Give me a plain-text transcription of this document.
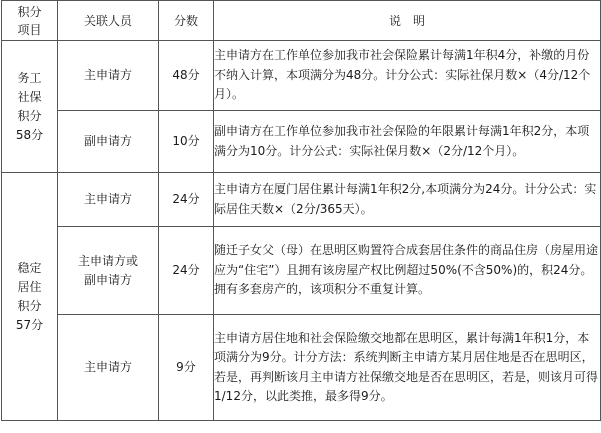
积分
项目	关联人员	分数	说明

务工
社保
积分
58分	主申请方	48分	主申请方在工作单位参加我市社会保险累计每满1年积4分，补缴的月份不纳入计算，本项满分为48分。计分公式：实际社保月数×（4分/12个月）。
	副申请方	10分	副申请方在工作单位参加我市社会保险的年限累计每满1年积2分，本项满分为10分。计分公式：实际社保月数×（2分/12个月）。

稳定
居住
积分
57分	主申请方	24分	主申请方在厦门居住累计每满1年积2分,本项满分为24分。计分公式：实际居住天数×（2分/365天）。

	主申请方或
副申请方	24分	随迁子女父（母）在思明区购置符合成套居住条件的商品住房（房屋用途应为“住宅”）且拥有该房屋产权比例超过50%(不含50%)的，积24分。拥有多套房产的，该项积分不重复计算。
	主申请方	9分	主申请方居住地和社会保险缴交地都在思明区，累计每满1年积1分，本项满分为9分。计分方法：系统判断主申请方某月居住地是否在思明区，若是，再判断该月主申请方社保缴交地是否在思明区，若是，则该月可得1/12分，以此类推，最多得9分。
